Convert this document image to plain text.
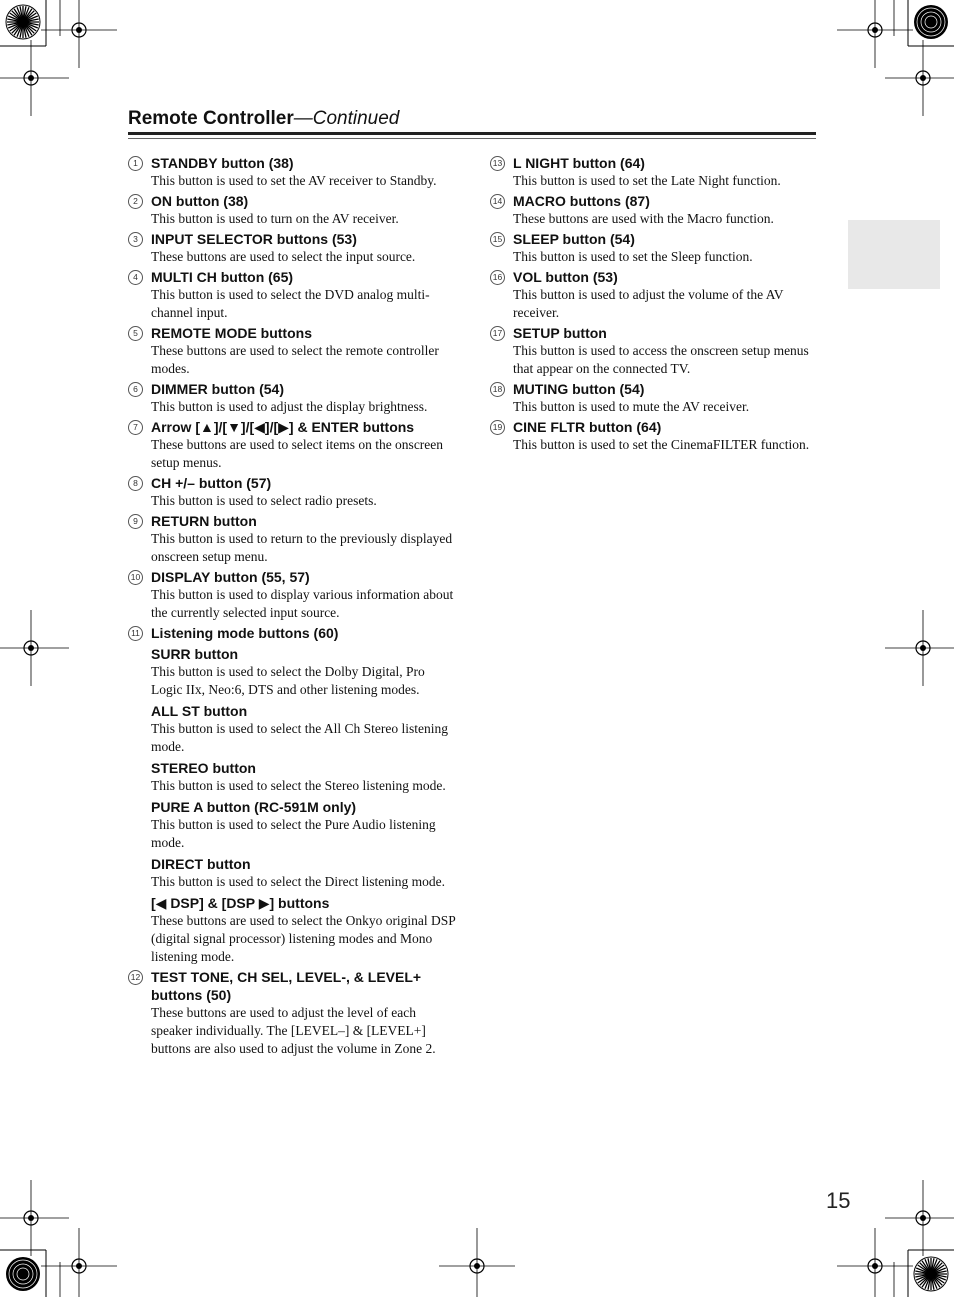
Remote Controller—Continued
1 STANDBY button (38)
This button is used to set the AV receiver to Standby.
2 ON button (38)
This button is used to turn on the AV receiver.
3 INPUT SELECTOR buttons (53)
These buttons are used to select the input source.
4 MULTI CH button (65)
This button is used to select the DVD analog multi-channel input.
5 REMOTE MODE buttons
These buttons are used to select the remote controller modes.
6 DIMMER button (54)
This button is used to adjust the display brightness.
7 Arrow [▲]/[▼]/[◀]/[▶] & ENTER buttons
These buttons are used to select items on the onscreen setup menus.
8 CH +/– button (57)
This button is used to select radio presets.
9 RETURN button
This button is used to return to the previously displayed onscreen setup menu.
10 DISPLAY button (55, 57)
This button is used to display various information about the currently selected input source.
11 Listening mode buttons (60)
SURR button
This button is used to select the Dolby Digital, Pro Logic IIx, Neo:6, DTS and other listening modes.
ALL ST button
This button is used to select the All Ch Stereo listening mode.
STEREO button
This button is used to select the Stereo listening mode.
PURE A button (RC-591M only)
This button is used to select the Pure Audio listening mode.
DIRECT button
This button is used to select the Direct listening mode.
[◀ DSP] & [DSP ▶] buttons
These buttons are used to select the Onkyo original DSP (digital signal processor) listening modes and Mono listening mode.
12 TEST TONE, CH SEL, LEVEL-, & LEVEL+ buttons (50)
These buttons are used to adjust the level of each speaker individually. The [LEVEL–] & [LEVEL+] buttons are also used to adjust the volume in Zone 2.
13 L NIGHT button (64)
This button is used to set the Late Night function.
14 MACRO buttons (87)
These buttons are used with the Macro function.
15 SLEEP button (54)
This button is used to set the Sleep function.
16 VOL button (53)
This button is used to adjust the volume of the AV receiver.
17 SETUP button
This button is used to access the onscreen setup menus that appear on the connected TV.
18 MUTING button (54)
This button is used to mute the AV receiver.
19 CINE FLTR button (64)
This button is used to set the CinemaFILTER function.
15
